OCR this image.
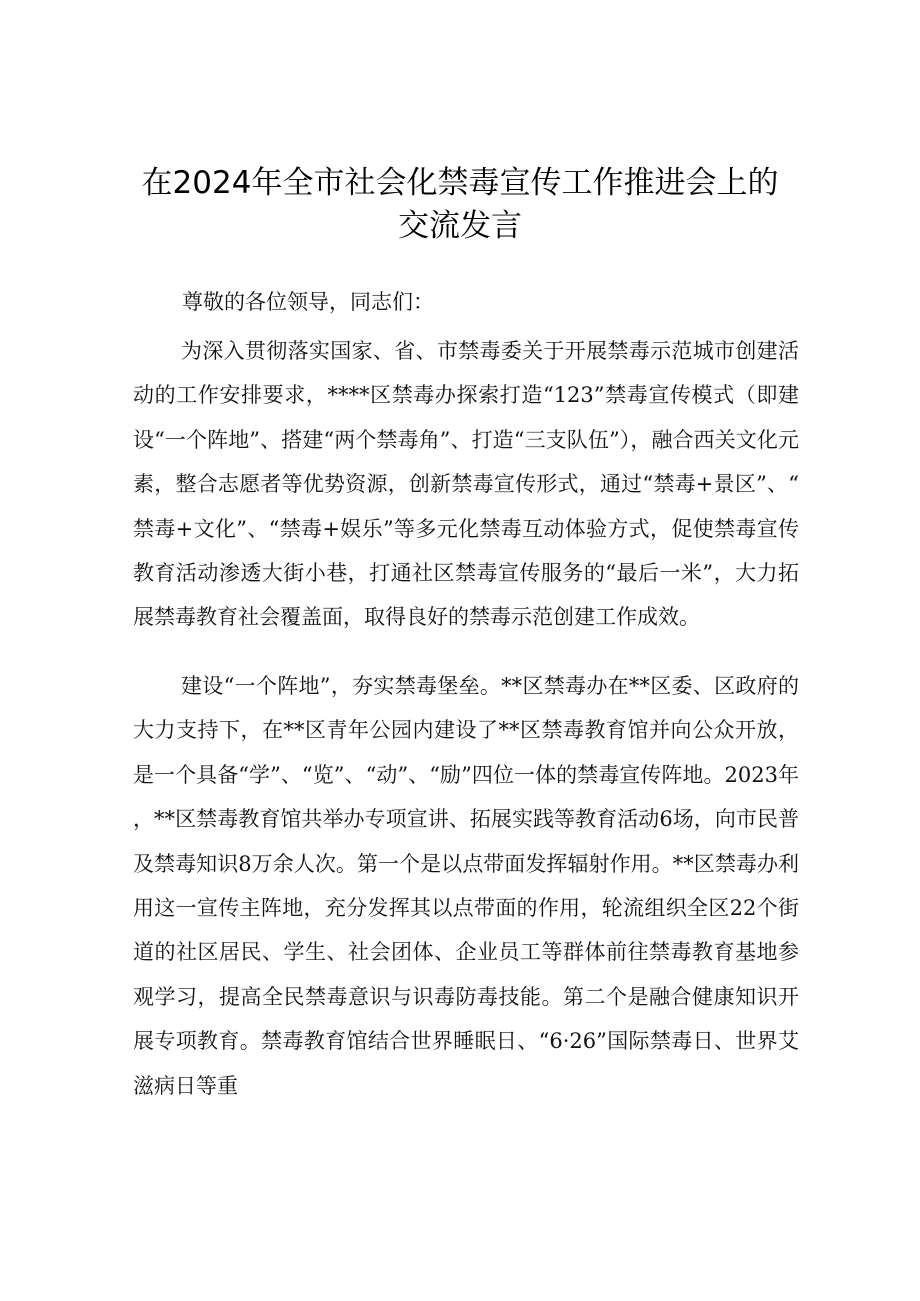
在2024年全市社会化禁毒宣传工作推进会上的
交流发言
尊敬的各位领导，同志们：

为深入贯彻落实国家、省、市禁毒委关于开展禁毒示范城市创建活动的工作安排要求，****区禁毒办探索打造“123”禁毒宣传模式（即建设“一个阵地”、搭建“两个禁毒角”、打造“三支队伍”），融合西关文化元素，整合志愿者等优势资源，创新禁毒宣传形式，通过“禁毒+景区”、“禁毒+文化”、“禁毒+娱乐”等多元化禁毒互动体验方式，促使禁毒宣传教育活动渗透大街小巷，打通社区禁毒宣传服务的“最后一米”，大力拓展禁毒教育社会覆盖面，取得良好的禁毒示范创建工作成效。

建设“一个阵地”，夯实禁毒堡垒。**区禁毒办在**区委、区政府的大力支持下，在**区青年公园内建设了**区禁毒教育馆并向公众开放，是一个具备“学”、“览”、“动”、“励”四位一体的禁毒宣传阵地。2023年，**区禁毒教育馆共举办专项宣讲、拓展实践等教育活动6场，向市民普及禁毒知识8万余人次。第一个是以点带面发挥辐射作用。**区禁毒办利用这一宣传主阵地，充分发挥其以点带面的作用，轮流组织全区22个街道的社区居民、学生、社会团体、企业员工等群体前往禁毒教育基地参观学习，提高全民禁毒意识与识毒防毒技能。第二个是融合健康知识开展专项教育。禁毒教育馆结合世界睡眠日、“6·26”国际禁毒日、世界艾滋病日等重
